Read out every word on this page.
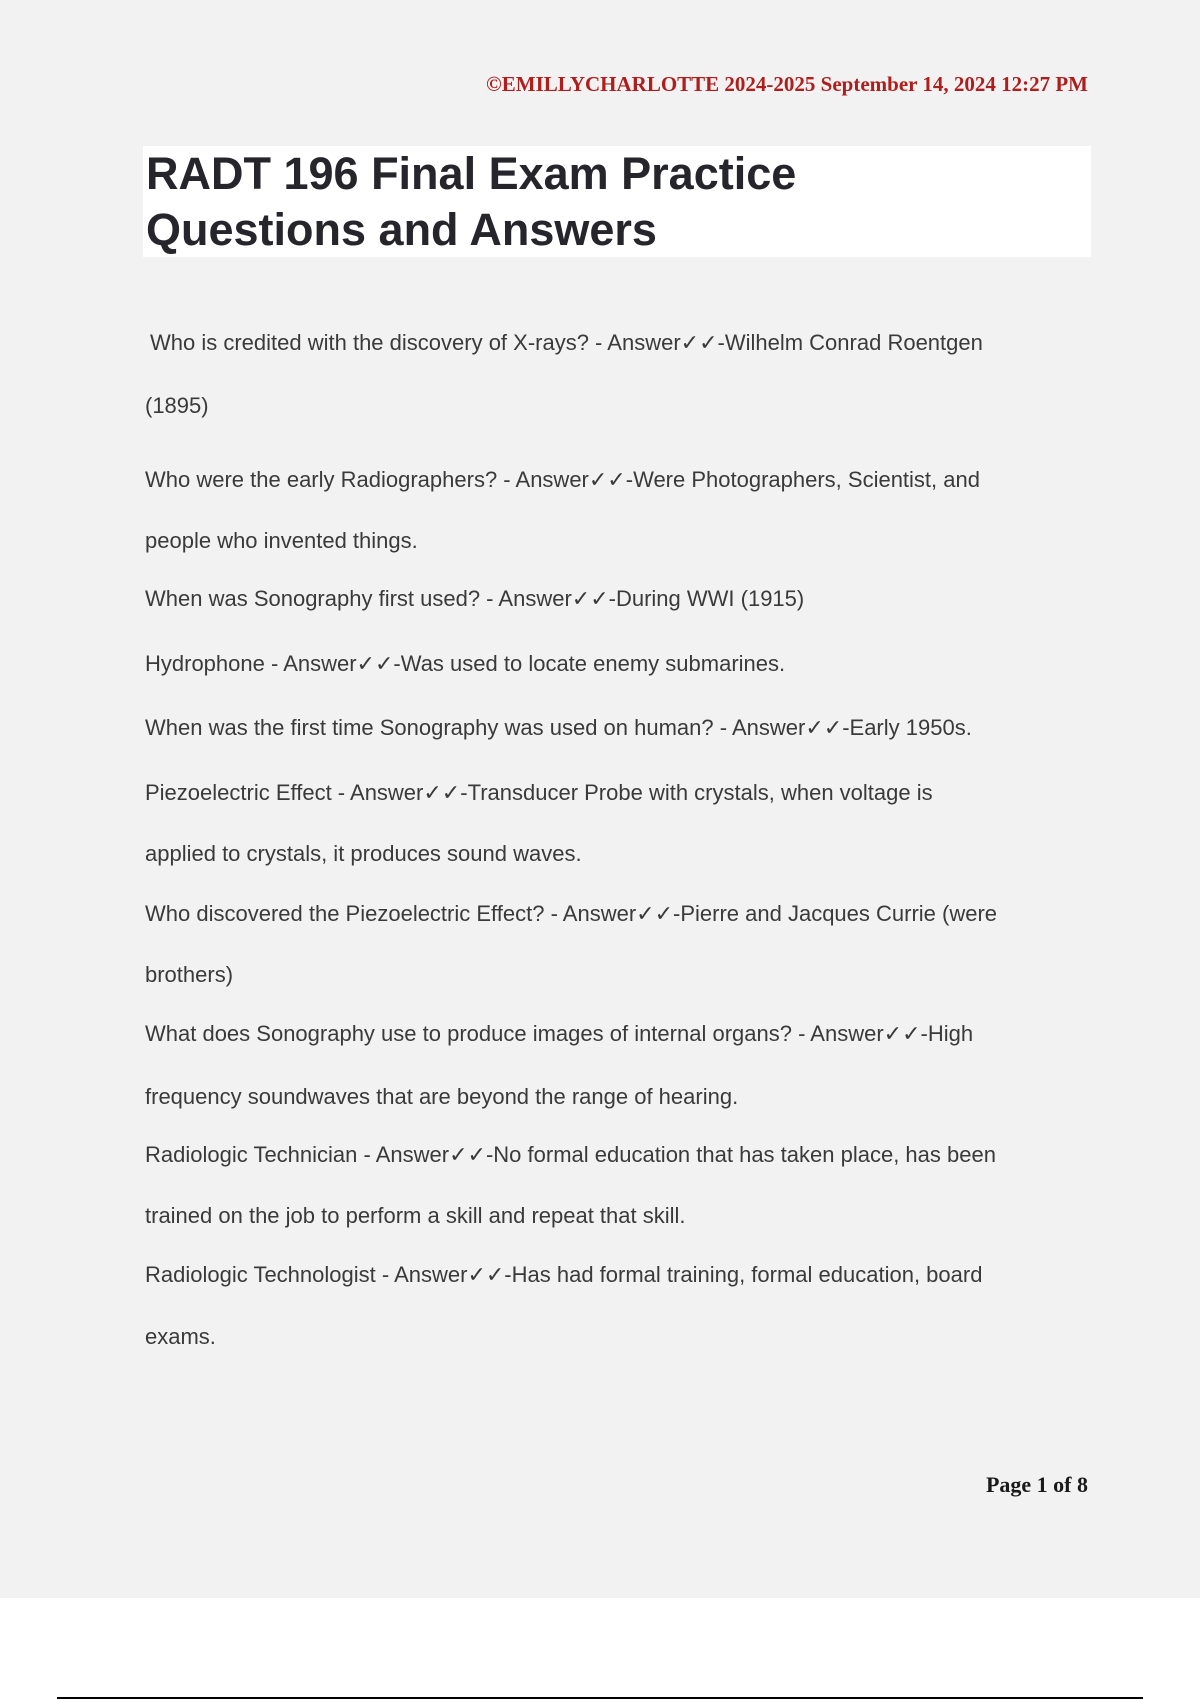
©EMILLYCHARLOTTE 2024-2025 September 14, 2024 12:27 PM
RADT 196 Final Exam Practice
Questions and Answers
Who is credited with the discovery of X-rays? - Answer✓✓-Wilhelm Conrad Roentgen
(1895)
Who were the early Radiographers? - Answer✓✓-Were Photographers, Scientist, and
people who invented things.
When was Sonography first used? - Answer✓✓-During WWI (1915)
Hydrophone - Answer✓✓-Was used to locate enemy submarines.
When was the first time Sonography was used on human? - Answer✓✓-Early 1950s.
Piezoelectric Effect - Answer✓✓-Transducer Probe with crystals, when voltage is
applied to crystals, it produces sound waves.
Who discovered the Piezoelectric Effect? - Answer✓✓-Pierre and Jacques Currie (were
brothers)
What does Sonography use to produce images of internal organs? - Answer✓✓-High
frequency soundwaves that are beyond the range of hearing.
Radiologic Technician - Answer✓✓-No formal education that has taken place, has been
trained on the job to perform a skill and repeat that skill.
Radiologic Technologist - Answer✓✓-Has had formal training, formal education, board
exams.
Page 1 of 8
